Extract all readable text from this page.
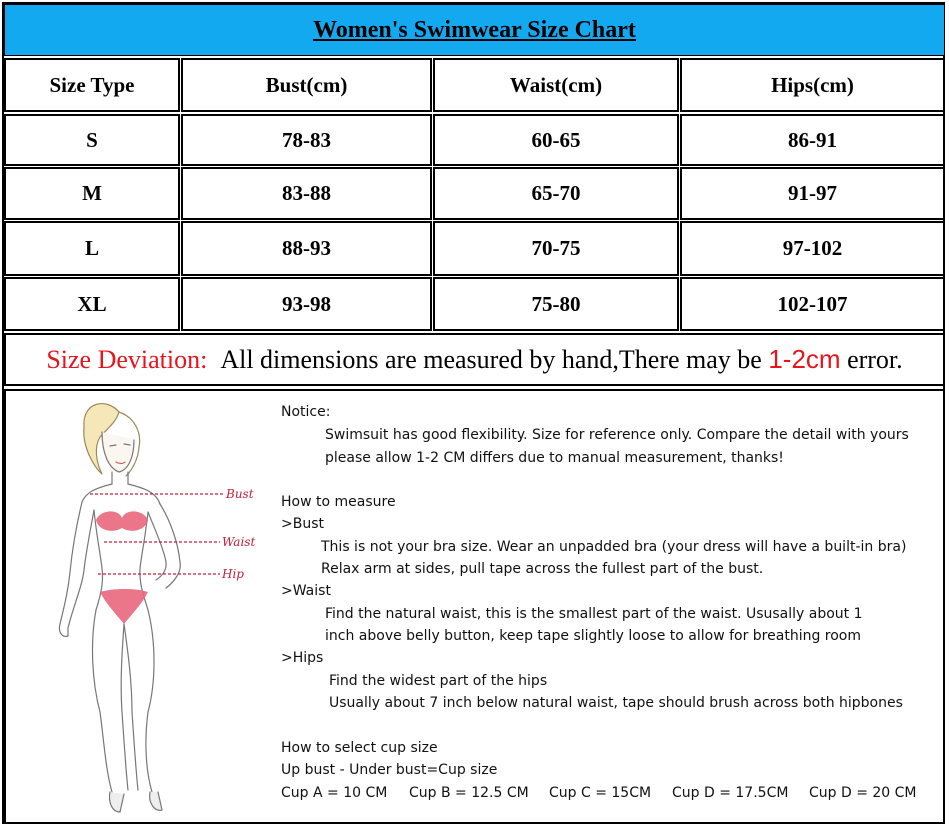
Women's Swimwear Size Chart
Size Type	Bust(cm)	Waist(cm)	Hips(cm)
S	78-83	60-65	86-91
M	83-88	65-70	91-97
L	88-93	70-75	97-102
XL	93-98	75-80	102-107
Size Deviation:
All dimensions are measured by hand,There may be
1-2cm
error.
Bust
Waist
Hip
Notice:
Swimsuit has good flexibility. Size for reference only. Compare the detail with yours
please allow 1-2 CM differs due to manual measurement, thanks!
How to measure
>Bust
This is not your bra size. Wear an unpadded bra (your dress will have a built-in bra)
Relax arm at sides, pull tape across the fullest part of the bust.
>Waist
Find the natural waist, this is the smallest part of the waist. Ususally about 1
inch above belly button, keep tape slightly loose to allow for breathing room
>Hips
Find the widest part of the hips
Usually about 7 inch below natural waist, tape should brush across both hipbones
How to select cup size
Up bust - Under bust=Cup size
Cup A = 10 CM Cup B = 12.5 CM Cup C = 15CM Cup D = 17.5CM Cup D = 20 CM
